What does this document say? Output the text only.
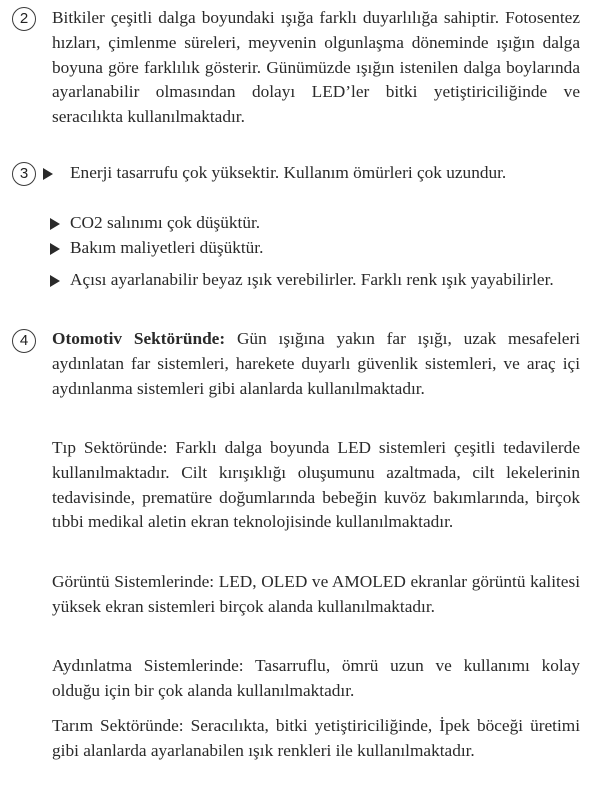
2	Bitkiler çeşitli dalga boyundaki ışığa farklı duyarlılığa sahiptir. Fotosentez hızları, çimlenme süreleri, meyvenin olgunlaşma döneminde ışığın dalga boyuna göre farklılık gösterir. Günümüzde ışığın istenilen dalga boylarında ayarlanabilir olmasından dolayı LED’ler bitki yetiştiriciliğinde ve seracılıkta kullanılmaktadır.

3	Enerji tasarrufu çok yüksektir. Kullanım ömürleri çok uzundur.

CO2 salınımı çok düşüktür.

Bakım maliyetleri düşüktür.

Açısı ayarlanabilir beyaz ışık verebilirler. Farklı renk ışık yayabilirler.

4	Otomotiv Sektöründe: Gün ışığına yakın far ışığı, uzak mesafeleri aydınlatan far sistemleri, harekete duyarlı güvenlik sistemleri, ve araç içi aydınlanma sistemleri gibi alanlarda kullanılmaktadır.

Tıp Sektöründe: Farklı dalga boyunda LED sistemleri çeşitli tedavilerde kullanılmaktadır. Cilt kırışıklığı oluşumunu azaltmada, cilt lekelerinin tedavisinde, prematüre doğumlarında bebeğin kuvöz bakımlarında, birçok tıbbi medikal aletin ekran teknolojisinde kullanılmaktadır.

Görüntü Sistemlerinde: LED, OLED ve AMOLED ekranlar görüntü kalitesi yüksek ekran sistemleri birçok alanda kullanılmaktadır.

Aydınlatma Sistemlerinde: Tasarruflu, ömrü uzun ve kullanımı kolay olduğu için bir çok alanda kullanılmaktadır.

Tarım Sektöründe: Seracılıkta, bitki yetiştiriciliğinde, İpek böceği üretimi gibi alanlarda ayarlanabilen ışık renkleri ile kullanılmaktadır.
